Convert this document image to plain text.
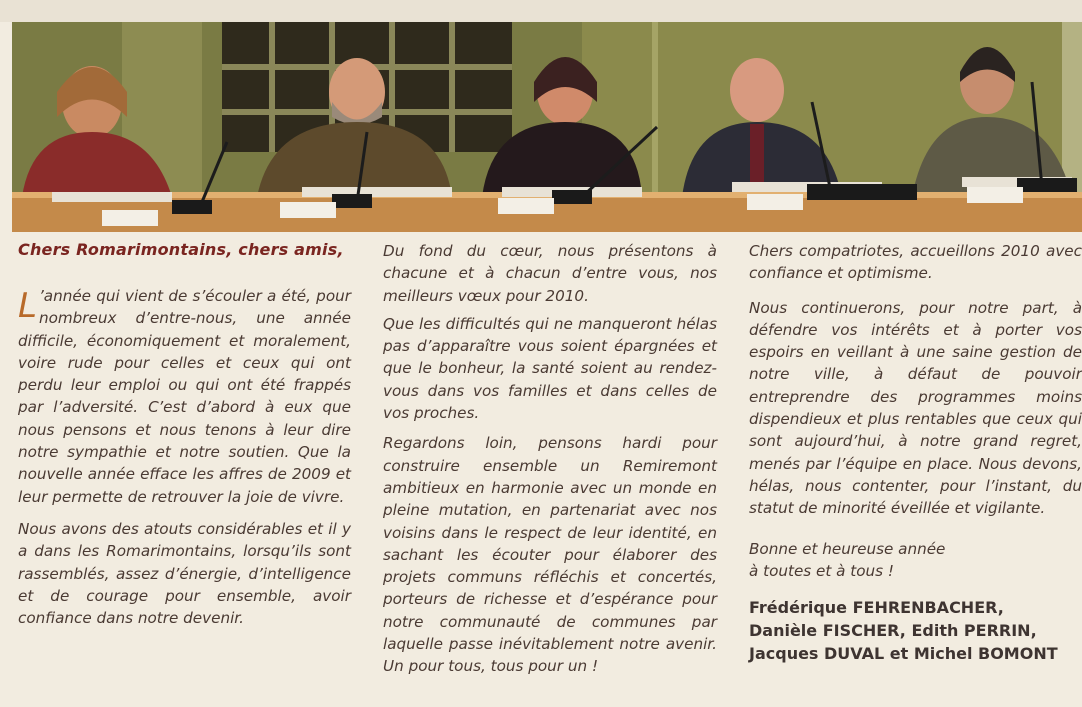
Chers Romarimontains, chers amis,

L ’année qui vient de s’écouler a été, pour nombreux d’entre-nous, une année difficile, économiquement et moralement, voire rude pour celles et ceux qui ont perdu leur emploi ou qui ont été frappés par l’adversité. C’est d’abord à eux que nous pensons et nous tenons à leur dire notre sympathie et notre soutien. Que la nouvelle année efface les affres de 2009 et leur permette de retrouver la joie de vivre.

Nous avons des atouts considérables et il y a dans les Romarimontains, lorsqu’ils sont rassemblés, assez d’énergie, d’intelligence et de courage pour ensemble, avoir confiance dans notre devenir.

Du fond du cœur, nous présentons à chacune et à chacun d’entre vous, nos meilleurs vœux pour 2010.

Que les difficultés qui ne manqueront hélas pas d’apparaître vous soient épargnées et que le bonheur, la santé soient au rendez-vous dans vos familles et dans celles de vos proches.

Regardons loin, pensons hardi pour construire ensemble un Remiremont ambitieux en harmonie avec un monde en pleine mutation, en partenariat avec nos voisins dans le respect de leur identité, en sachant les écouter pour élaborer des projets communs réfléchis et concertés, porteurs de richesse et d’espérance pour notre communauté de communes par laquelle passe inévitablement notre avenir. Un pour tous, tous pour un !

Chers compatriotes, accueillons 2010 avec confiance et optimisme.

Nous continuerons, pour notre part, à défendre vos intérêts et à porter vos espoirs en veillant à une saine gestion de notre ville, à défaut de pouvoir entreprendre des programmes moins dispendieux et plus rentables que ceux qui sont aujourd’hui, à notre grand regret, menés par l’équipe en place. Nous devons, hélas, nous contenter, pour l’instant, du statut de minorité éveillée et vigilante.

Bonne et heureuse année

à toutes et à tous !

Frédérique FEHRENBACHER,

Danièle FISCHER, Edith PERRIN,

Jacques DUVAL et Michel BOMONT
